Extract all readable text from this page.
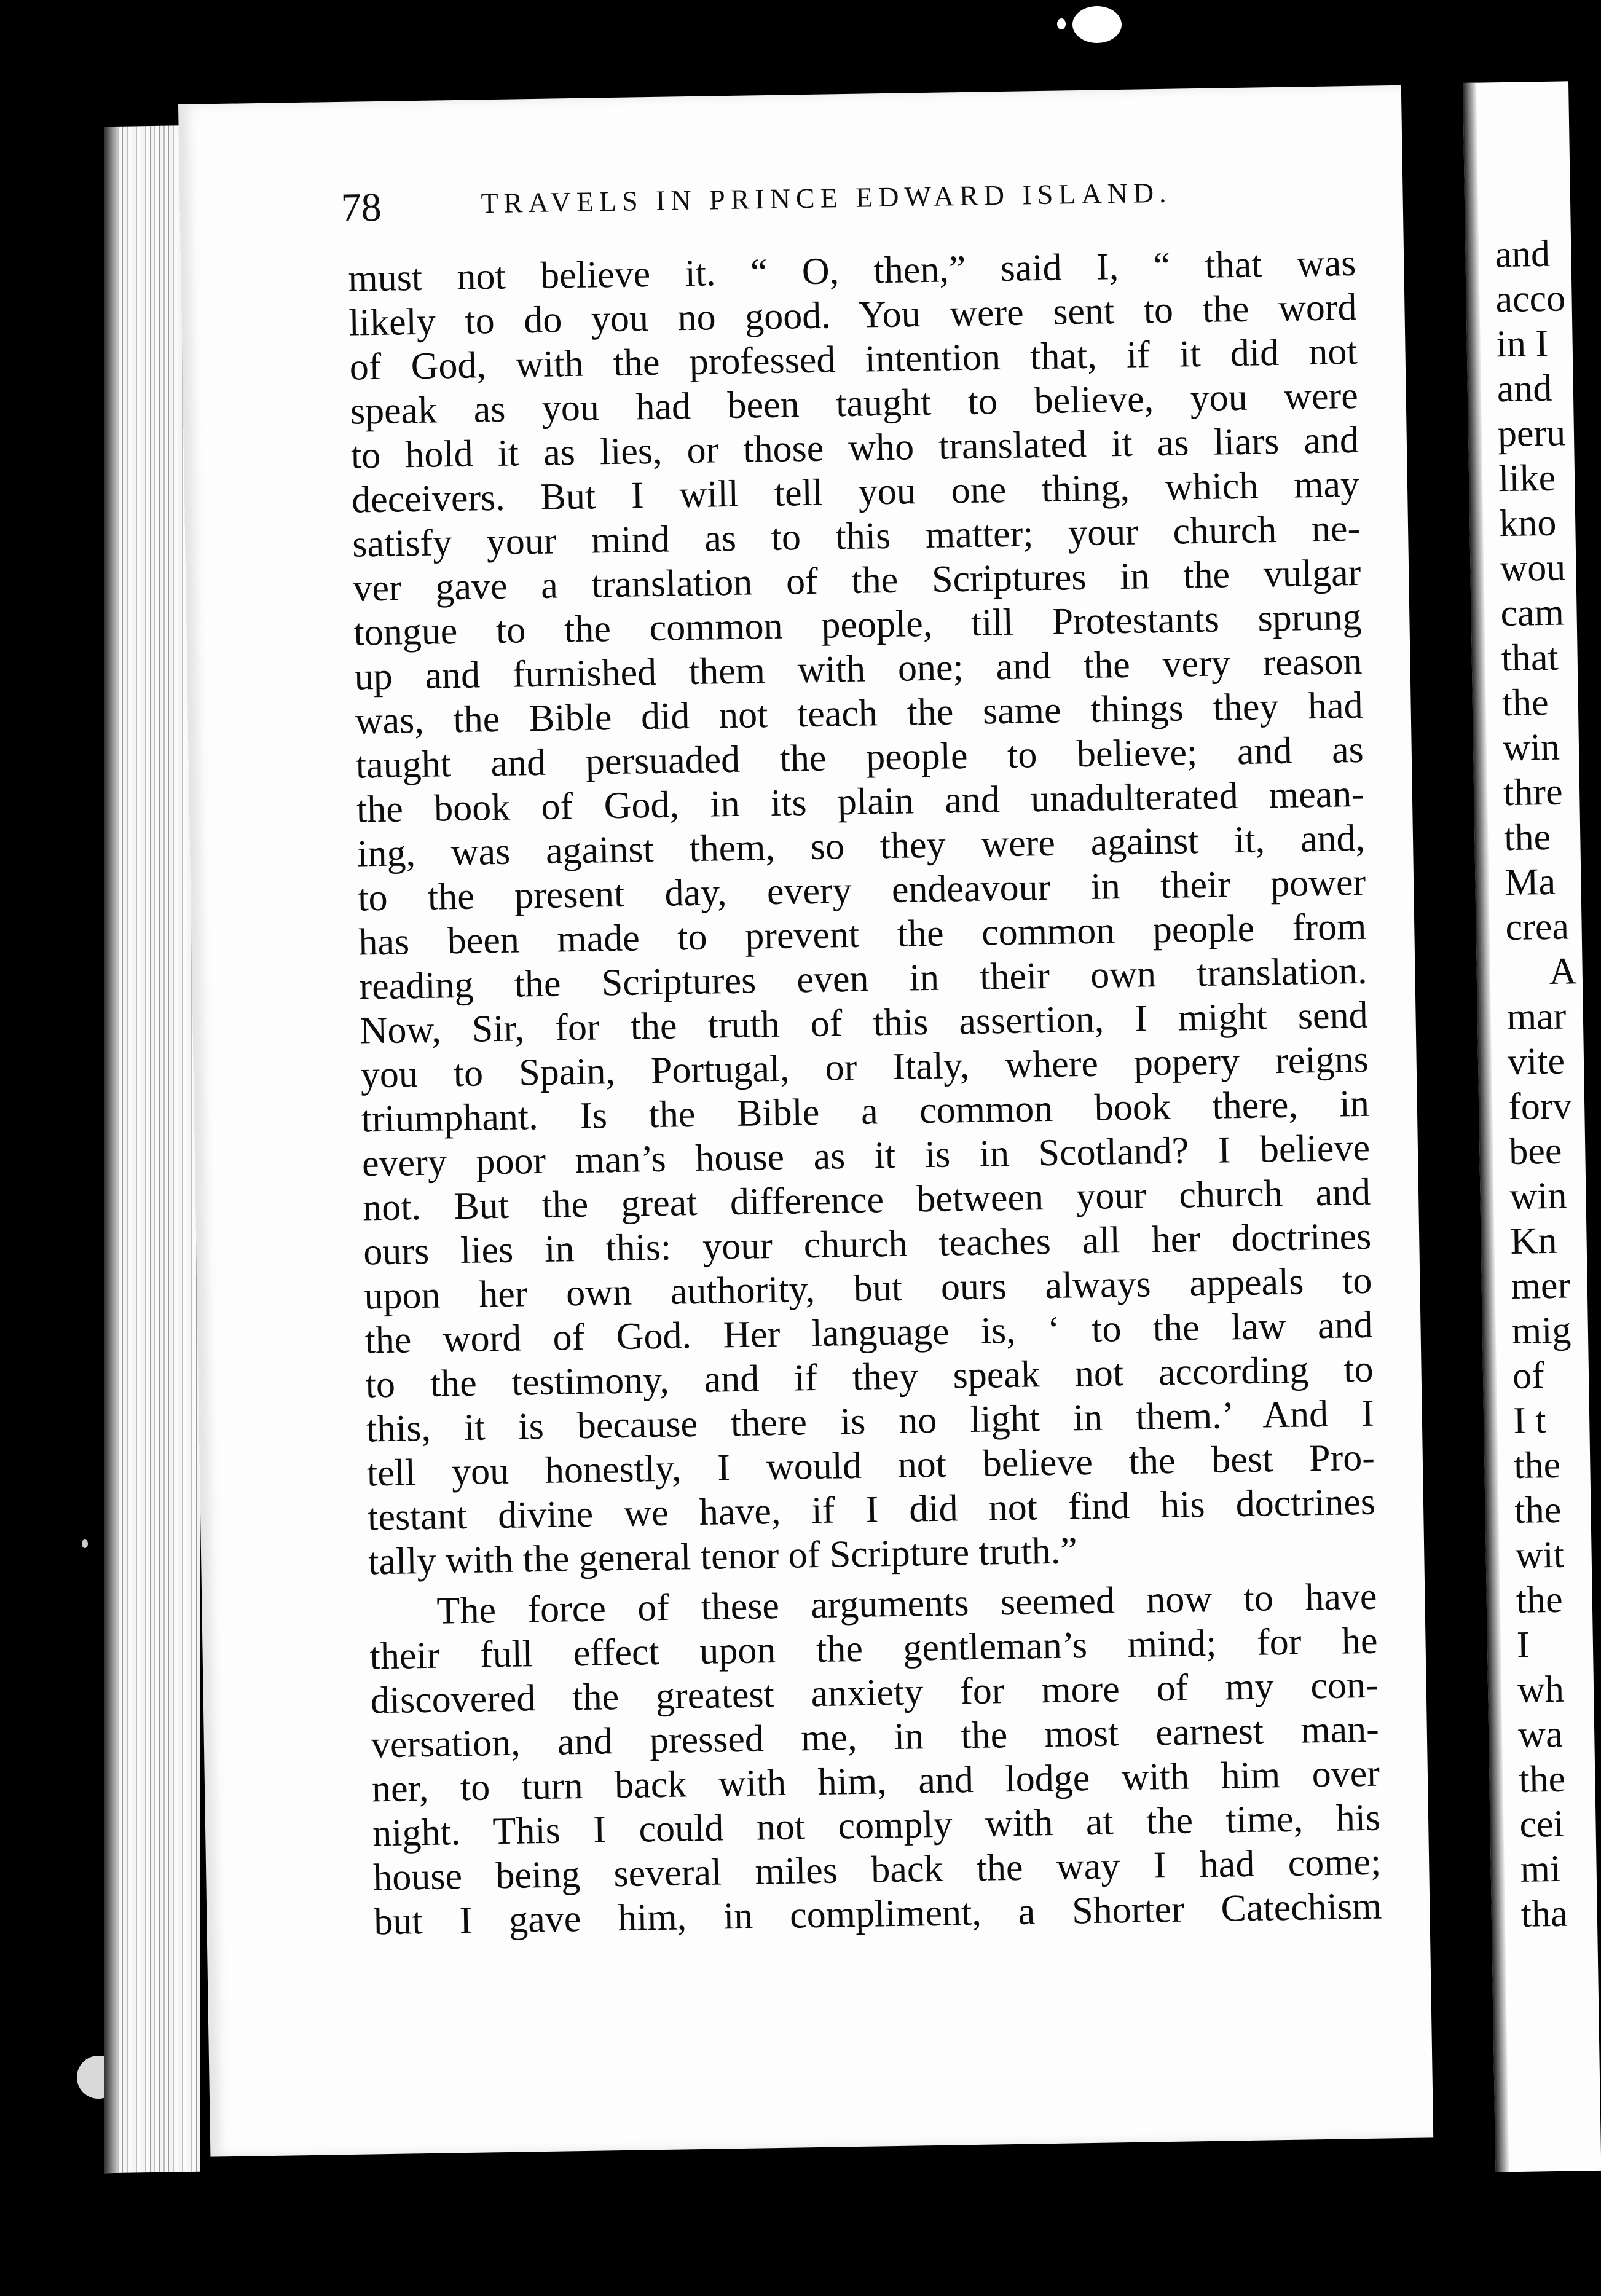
78	TRAVELS IN PRINCE EDWARD ISLAND.
must not believe it. “ O, then,” said I, “ that was
likely to do you no good. You were sent to the word
of God, with the professed intention that, if it did not
speak as you had been taught to believe, you were
to hold it as lies, or those who translated it as liars and
deceivers. But I will tell you one thing, which may
satisfy your mind as to this matter; your church ne-
ver gave a translation of the Scriptures in the vulgar
tongue to the common people, till Protestants sprung
up and furnished them with one; and the very reason
was, the Bible did not teach the same things they had
taught and persuaded the people to believe; and as
the book of God, in its plain and unadulterated mean-
ing, was against them, so they were against it, and,
to the present day, every endeavour in their power
has been made to prevent the common people from
reading the Scriptures even in their own translation.
Now, Sir, for the truth of this assertion, I might send
you to Spain, Portugal, or Italy, where popery reigns
triumphant. Is the Bible a common book there, in
every poor man’s house as it is in Scotland? I believe
not. But the great difference between your church and
ours lies in this: your church teaches all her doctrines
upon her own authority, but ours always appeals to
the word of God. Her language is, ‘ to the law and
to the testimony, and if they speak not according to
this, it is because there is no light in them.’ And I
tell you honestly, I would not believe the best Pro-
testant divine we have, if I did not find his doctrines
tally with the general tenor of Scripture truth.”
The force of these arguments seemed now to have
their full effect upon the gentleman’s mind; for he
discovered the greatest anxiety for more of my con-
versation, and pressed me, in the most earnest man-
ner, to turn back with him, and lodge with him over
night. This I could not comply with at the time, his
house being several miles back the way I had come;
but I gave him, in compliment, a Shorter Catechism
and
acco
in I
and
peru
like
kno
wou
cam
that
the
win
thre
the
Ma
crea
A
mar
vite
forv
bee
win
Kn
mer
mig
of
I t
the
the
wit
the
I
wh
wa
the
cei
mi
tha
